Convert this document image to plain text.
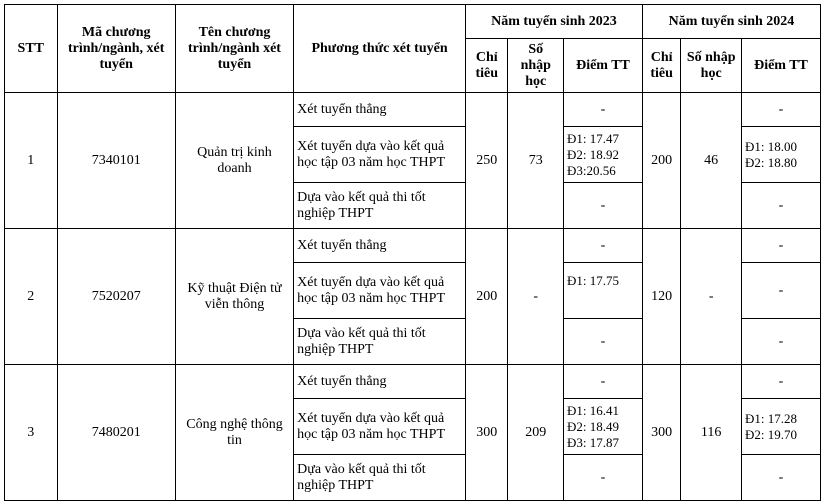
STT	Mã chương trình/ngành, xét tuyển	Tên chương trình/ngành xét tuyển	Phương thức xét tuyển	Năm tuyển sinh 2023			Năm tuyển sinh 2024		
				Chỉ tiêu	Số nhập học	Điểm TT	Chỉ tiêu	Số nhập học	Điểm TT
1	7340101	Quản trị kinh doanh	Xét tuyển thẳng	250	73	-	200	46	-
			Xét tuyển dựa vào kết quả học tập 03 năm học THPT			Đ1: 17.47
Đ2: 18.92
Đ3:20.56			Đ1: 18.00
Đ2: 18.80

			Dựa vào kết quả thi tốt nghiệp THPT			-			-
2	7520207	Kỹ thuật Điện tử viễn thông	Xét tuyển thẳng	200	-	-	120	-	-
			Xét tuyển dựa vào kết quả học tập 03 năm học THPT			Đ1: 17.75			-
			Dựa vào kết quả thi tốt nghiệp THPT			-			-
3	7480201	Công nghệ thông tin	Xét tuyển thẳng	300	209	-	300	116	-
			Xét tuyển dựa vào kết quả học tập 03 năm học THPT			Đ1: 16.41
Đ2: 18.49
Đ3: 17.87			Đ1: 17.28
Đ2: 19.70

			Dựa vào kết quả thi tốt nghiệp THPT			-			-
